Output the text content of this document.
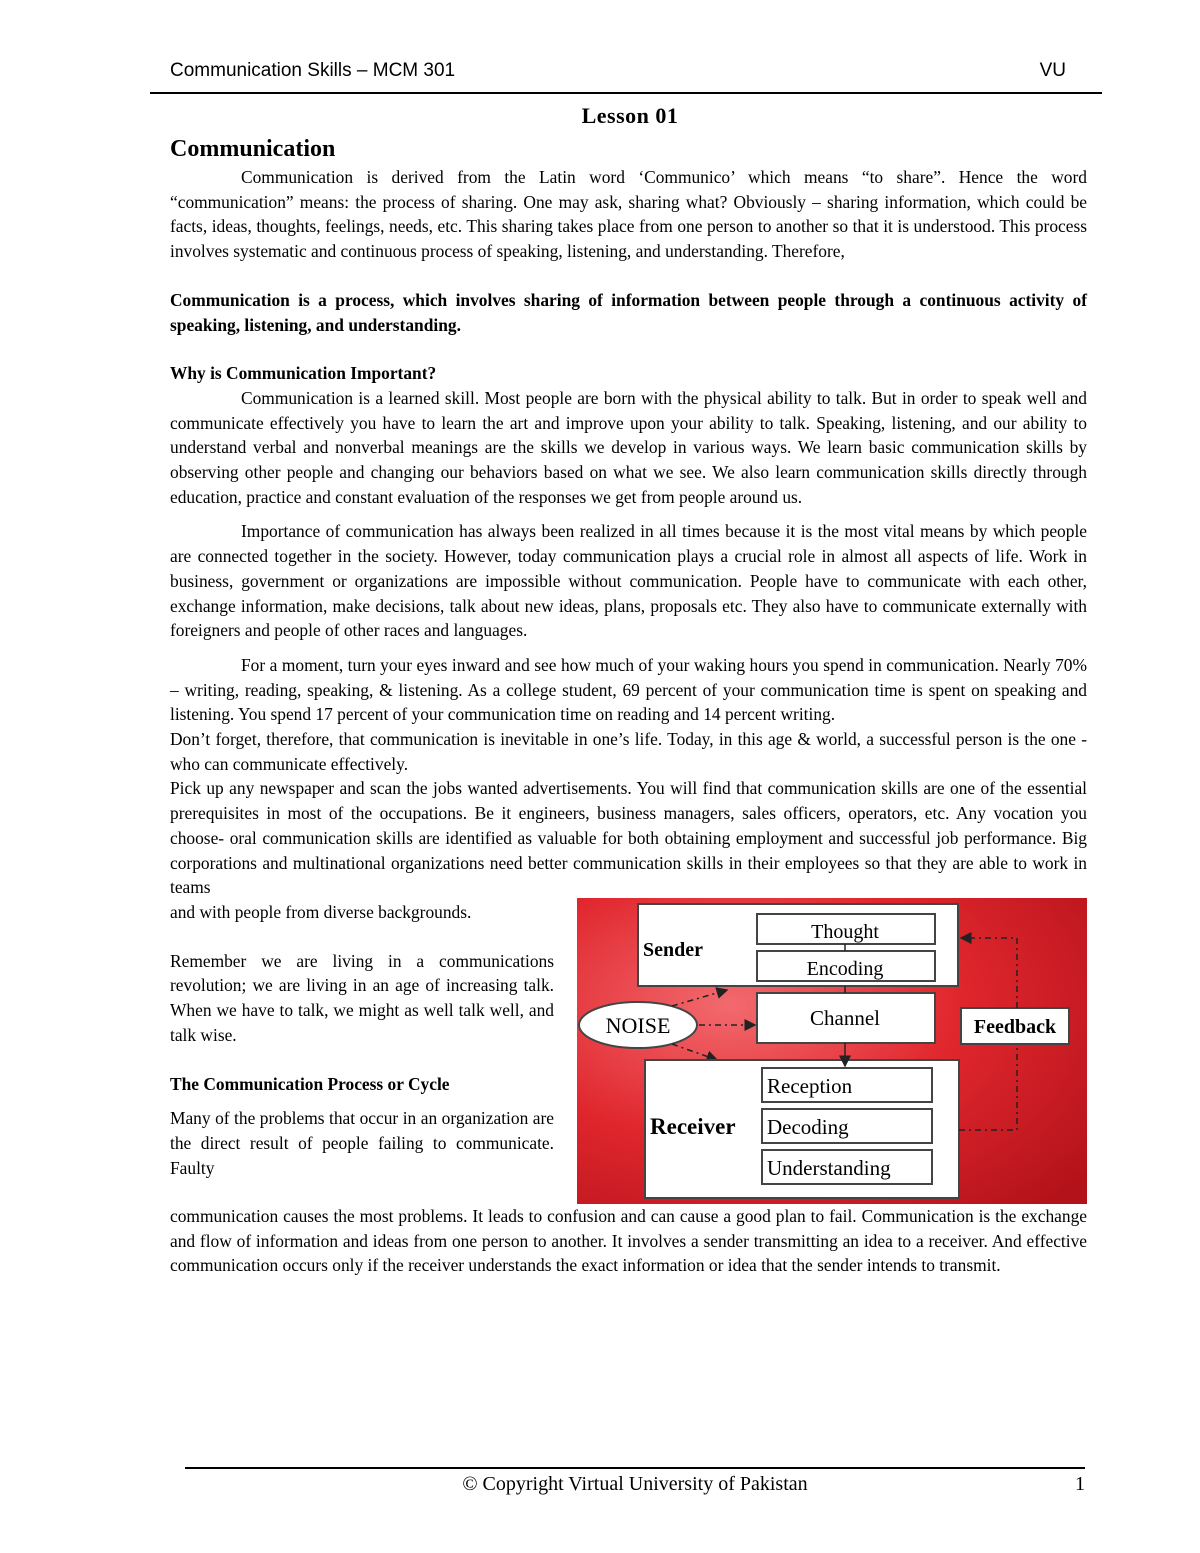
Communication Skills – MCM 301	VU
Lesson 01
Communication

Communication is derived from the Latin word ‘Communico’ which means “to share”. Hence the word “communication” means: the process of sharing. One may ask, sharing what? Obviously – sharing information, which could be facts, ideas, thoughts, feelings, needs, etc. This sharing takes place from one person to another so that it is understood. This process involves systematic and continuous process of speaking, listening, and understanding. Therefore,

Communication is a process, which involves sharing of information between people through a continuous activity of speaking, listening, and understanding.

Why is Communication Important?

Communication is a learned skill. Most people are born with the physical ability to talk. But in order to speak well and communicate effectively you have to learn the art and improve upon your ability to talk. Speaking, listening, and our ability to understand verbal and nonverbal meanings are the skills we develop in various ways. We learn basic communication skills by observing other people and changing our behaviors based on what we see. We also learn communication skills directly through education, practice and constant evaluation of the responses we get from people around us.

Importance of communication has always been realized in all times because it is the most vital means by which people are connected together in the society. However, today communication plays a crucial role in almost all aspects of life. Work in business, government or organizations are impossible without communication. People have to communicate with each other, exchange information, make decisions, talk about new ideas, plans, proposals etc. They also have to communicate externally with foreigners and people of other races and languages.

For a moment, turn your eyes inward and see how much of your waking hours you spend in communication. Nearly 70% – writing, reading, speaking, & listening. As a college student, 69 percent of your communication time is spent on speaking and listening. You spend 17 percent of your communication time on reading and 14 percent writing.

Don’t forget, therefore, that communication is inevitable in one’s life. Today, in this age & world, a successful person is the one - who can communicate effectively.

Pick up any newspaper and scan the jobs wanted advertisements. You will find that communication skills are one of the essential prerequisites in most of the occupations. Be it engineers, business managers, sales officers, operators, etc. Any vocation you choose- oral communication skills are identified as valuable for both obtaining employment and successful job performance. Big corporations and multinational organizations need better communication skills in their employees so that they are able to work in teams

and with people from diverse backgrounds.

Remember we are living in a communications revolution; we are living in an age of increasing talk. When we have to talk, we might as well talk well, and talk wise.

The Communication Process or Cycle

Many of the problems that occur in an organization are the direct result of people failing to communicate. Faulty

Sender
Thought
Encoding
Channel
NOISE
Receiver
Reception
Decoding
Understanding
Feedback

communication causes the most problems. It leads to confusion and can cause a good plan to fail. Communication is the exchange and flow of information and ideas from one person to another. It involves a sender transmitting an idea to a receiver. And effective communication occurs only if the receiver understands the exact information or idea that the sender intends to transmit.

© Copyright Virtual University of Pakistan	1
